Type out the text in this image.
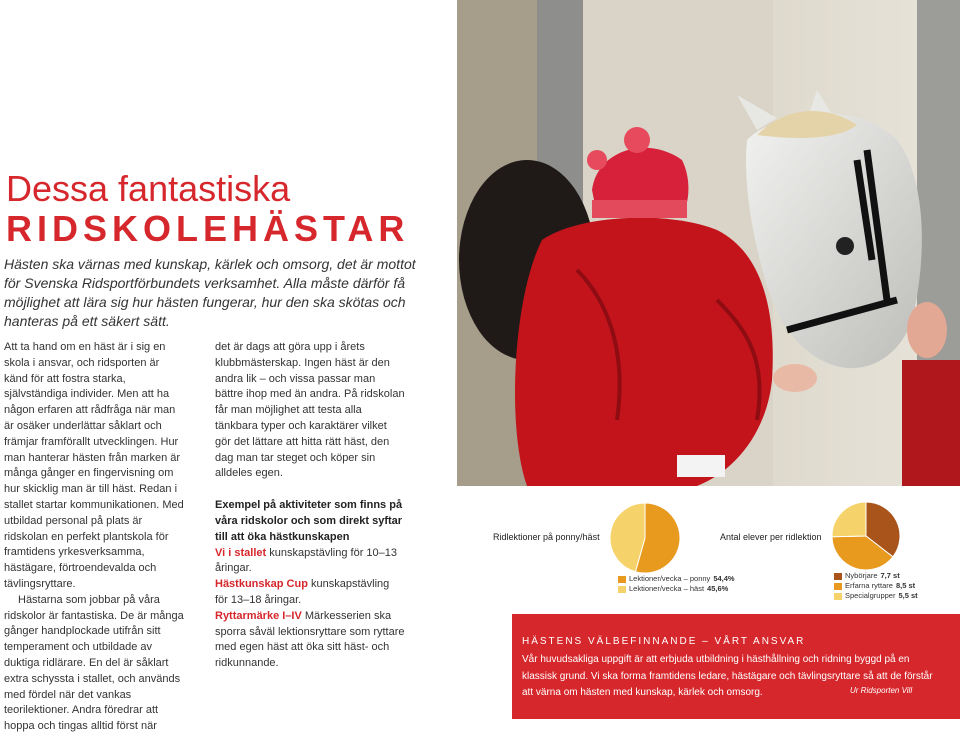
Dessa fantastiska
RIDSKOLEHÄSTAR
Hästen ska värnas med kunskap, kärlek och omsorg, det är mottot för Svenska Ridsportförbundets verksamhet. Alla måste därför få möjlighet att lära sig hur hästen fungerar, hur den ska skötas och hanteras på ett säkert sätt.

Att ta hand om en häst är i sig en skola i ansvar, och ridsporten är känd för att fostra starka, självständiga individer. Men att ha någon erfaren att rådfråga när man är osäker underlättar såklart och främjar framförallt utvecklingen. Hur man hanterar hästen från marken är många gånger en fingervisning om hur skicklig man är till häst. Redan i stallet startar kommunikationen. Med utbildad personal på plats är ridskolan en perfekt plantskola för framtidens yrkesverksamma, hästägare, förtroendevalda och tävlingsryttare.

Hästarna som jobbar på våra ridskolor är fantastiska. De är många gånger handplockade utifrån sitt temperament och utbildade av duktiga ridlärare. En del är såklart extra schyssta i stallet, och används med fördel när det vankas teorilektioner. Andra föredrar att hoppa och tingas alltid först när

det är dags att göra upp i årets klubbmästerskap. Ingen häst är den andra lik – och vissa passar man bättre ihop med än andra. På ridskolan får man möjlighet att testa alla tänkbara typer och karaktärer vilket gör det lättare att hitta rätt häst, den dag man tar steget och köper sin alldeles egen.

Exempel på aktiviteter som finns på våra ridskolor och som direkt syftar till att öka hästkunskapen

Vi i stallet kunskapstävling för 10–13 åringar.

Hästkunskap Cup kunskapstävling för 13–18 åringar.

Ryttarmärke I–IV Märkesserien ska sporra såväl lektionsryttare som ryttare med egen häst att öka sitt häst- och ridkunnande.

Ridlektioner på ponny/häst
Lektioner/vecka – ponny 54,4%
Lektioner/vecka – häst 45,6%
Antal elever per ridlektion
Nybörjare 7,7 st
Erfarna ryttare 8,5 st
Specialgrupper 5,5 st
HÄSTENS VÄLBEFINNANDE – VÅRT ANSVAR
Vår huvudsakliga uppgift är att erbjuda utbildning i hästhållning och ridning byggd på en klassisk grund. Vi ska forma framtidens ledare, hästägare och tävlingsryttare så att de förstår att värna om hästen med kunskap, kärlek och omsorg.	Ur Ridsporten Vill
